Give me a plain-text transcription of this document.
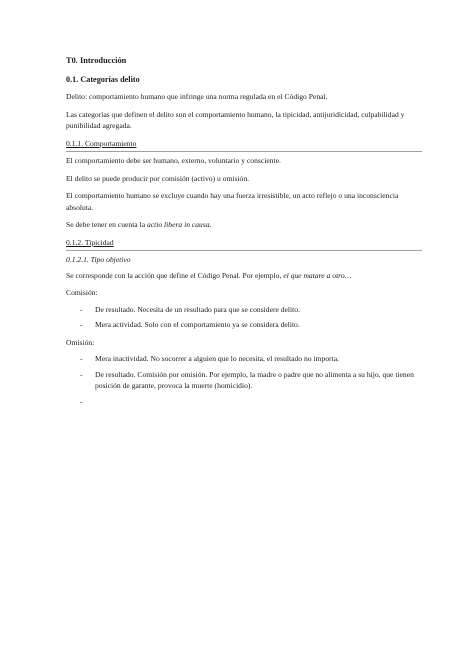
T0. Introducción
0.1. Categorías delito

Delito: comportamiento humano que infringe una norma regulada en el Código Penal.

Las categorías que definen el delito son el comportamiento humano, la tipicidad, antijuridicidad, culpabilidad y punibilidad agregada.

0.1.1. Comportamiento

El comportamiento debe ser humano, externo, voluntario y consciente.

El delito se puede producir por comisión (activo) u omisión.

El comportamiento humano se excluye cuando hay una fuerza irresistible, un acto reflejo o una inconsciencia absoluta.

Se debe tener en cuenta la actio libera in causa.

0.1.2. Tipicidad
0.1.2.1. Tipo objetivo

Se corresponde con la acción que define el Código Penal. Por ejemplo, el que matare a otro…

Comisión:
- De resultado. Necesita de un resultado para que se considere delito.
- Mera actividad. Solo con el comportamiento ya se considera delito.
Omisión:
- Mera inactividad. No socorrer a alguien que lo necesita, el resultado no importa.
- De resultado. Comisión por omisión. Por ejemplo, la madre o padre que no alimenta a su hijo, que tienen posición de garante, provoca la muerte (homicidio).
-
